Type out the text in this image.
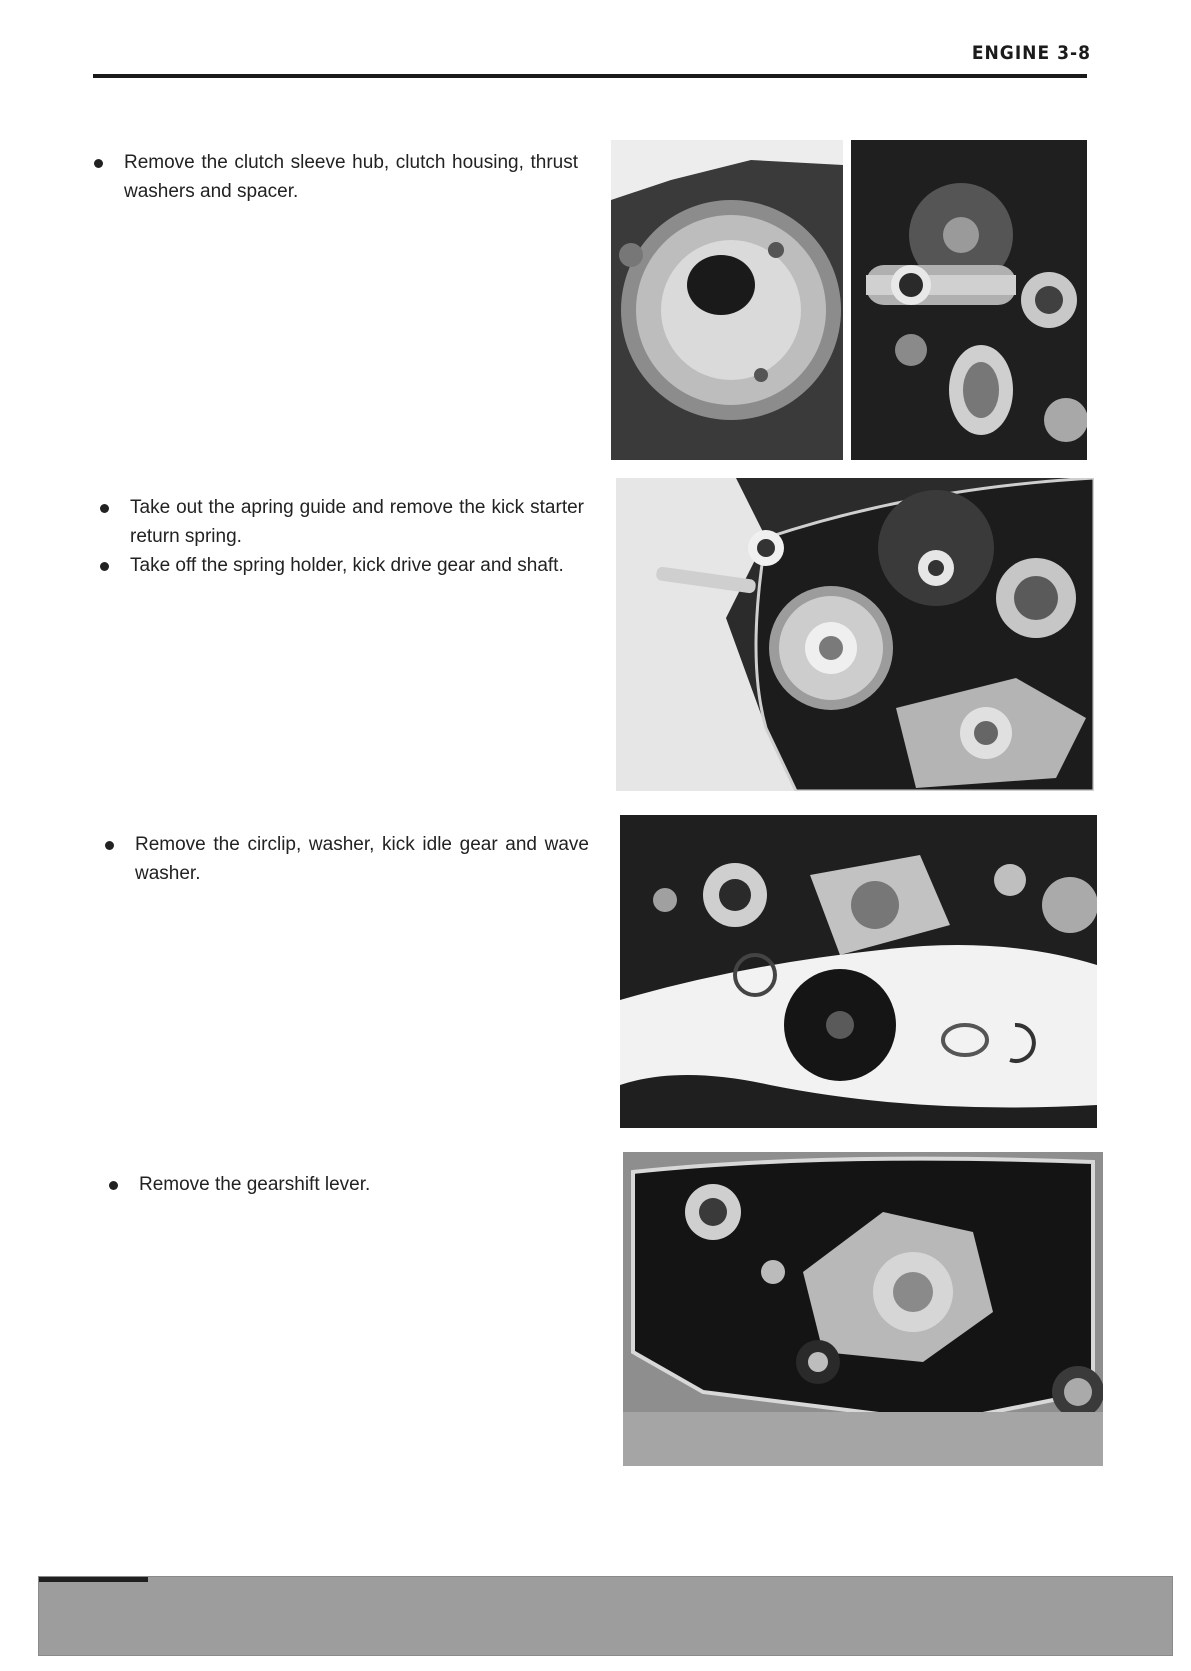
ENGINE 3-8
Remove the clutch sleeve hub, clutch housing, thrust washers and spacer.
Take out the apring guide and remove the kick starter return spring.
Take off the spring holder, kick drive gear and shaft.
Remove the circlip, washer, kick idle gear and wave washer.
Remove the gearshift lever.
